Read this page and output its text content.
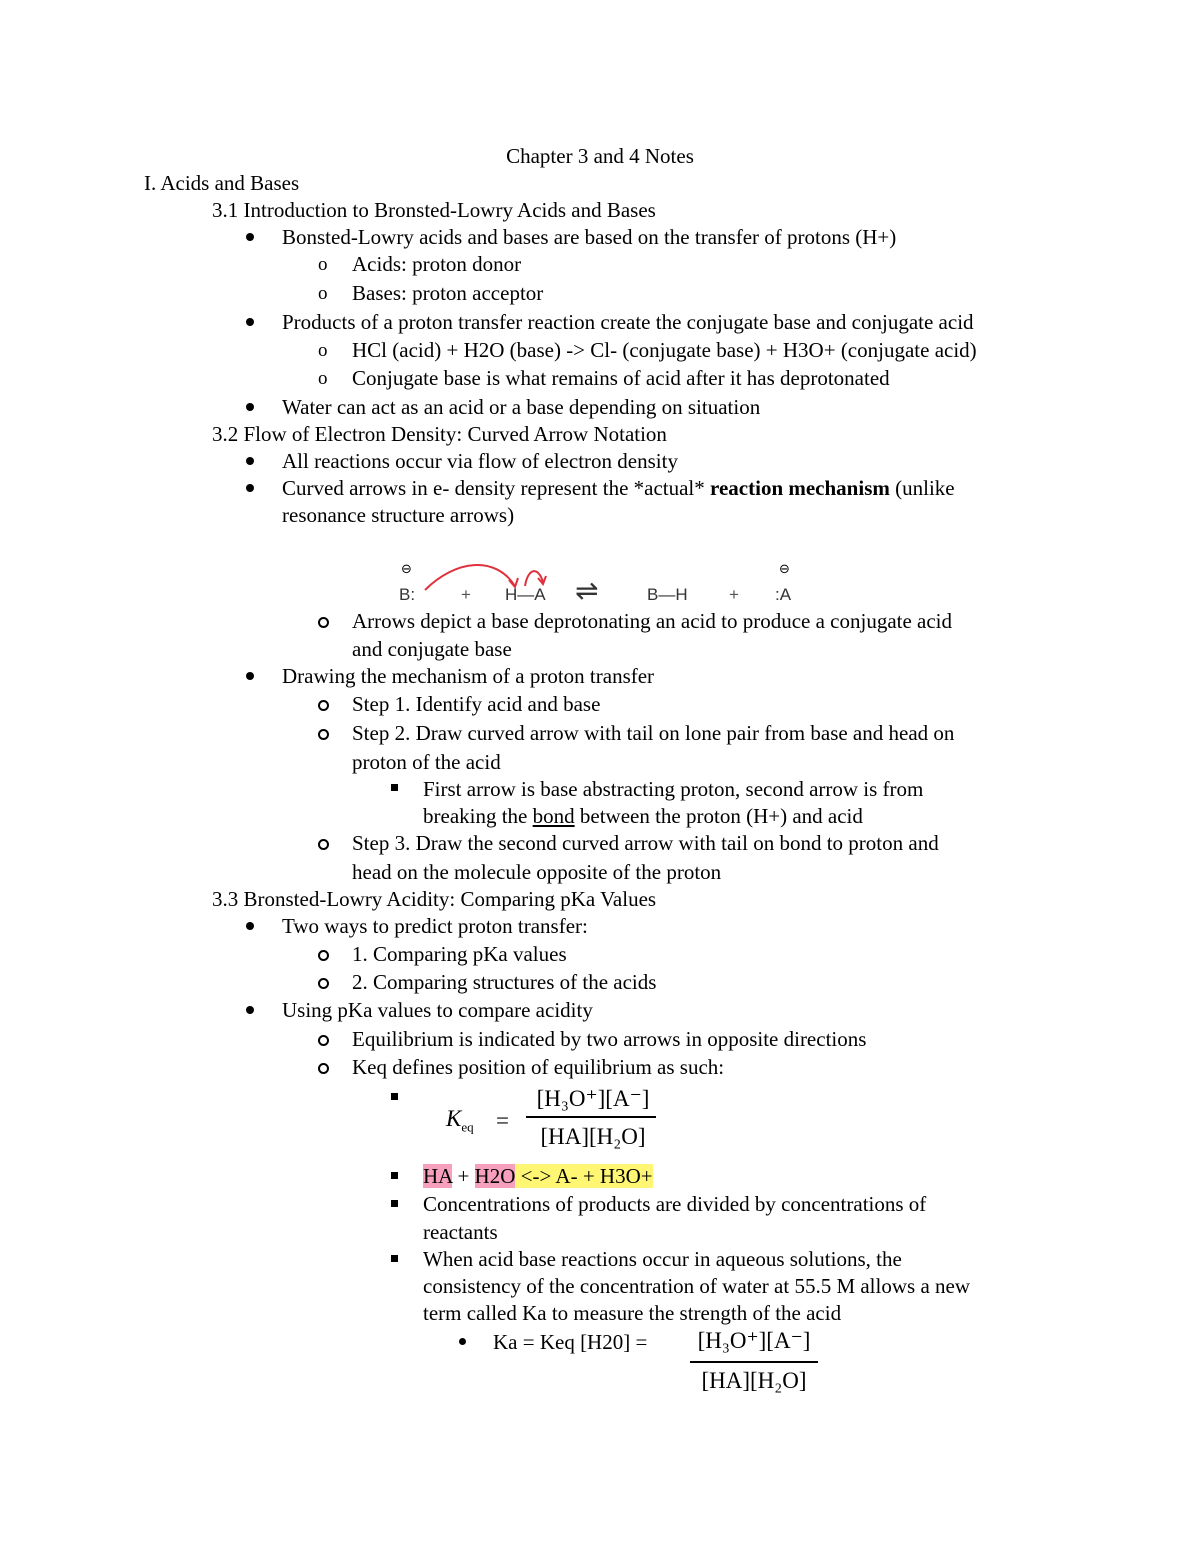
Chapter 3 and 4 Notes
I. Acids and Bases
3.1 Introduction to Bronsted-Lowry Acids and Bases
Bonsted-Lowry acids and bases are based on the transfer of protons (H+)
o Acids: proton donor
o Bases: proton acceptor
Products of a proton transfer reaction create the conjugate base and conjugate acid
o HCl (acid) + H2O (base) -> Cl- (conjugate base) + H3O+ (conjugate acid)
o Conjugate base is what remains of acid after it has deprotonated
Water can act as an acid or a base depending on situation
3.2 Flow of Electron Density: Curved Arrow Notation
All reactions occur via flow of electron density
Curved arrows in e- density represent the *actual* reaction mechanism (unlike
resonance structure arrows)
⊖
B:	+ H—A ⇌	B—H +
⊖
:A
Arrows depict a base deprotonating an acid to produce a conjugate acid
and conjugate base
Drawing the mechanism of a proton transfer
Step 1. Identify acid and base
Step 2. Draw curved arrow with tail on lone pair from base and head on
proton of the acid
First arrow is base abstracting proton, second arrow is from
breaking the bond between the proton (H+) and acid
Step 3. Draw the second curved arrow with tail on bond to proton and
head on the molecule opposite of the proton
3.3 Bronsted-Lowry Acidity: Comparing pKa Values
Two ways to predict proton transfer:
1. Comparing pKa values
2. Comparing structures of the acids
Using pKa values to compare acidity
Equilibrium is indicated by two arrows in opposite directions
Keq defines position of equilibrium as such:
$K_{eq}$ =
[H₃O⁺][A⁻]
[HA][H₂O]
HA + H2O <-> A- + H3O+
Concentrations of products are divided by concentrations of
reactants
When acid base reactions occur in aqueous solutions, the
consistency of the concentration of water at 55.5 M allows a new
term called Ka to measure the strength of the acid
Ka = Keq [H20] =	[H₃O⁺][A⁻]
[HA][H₂O]
